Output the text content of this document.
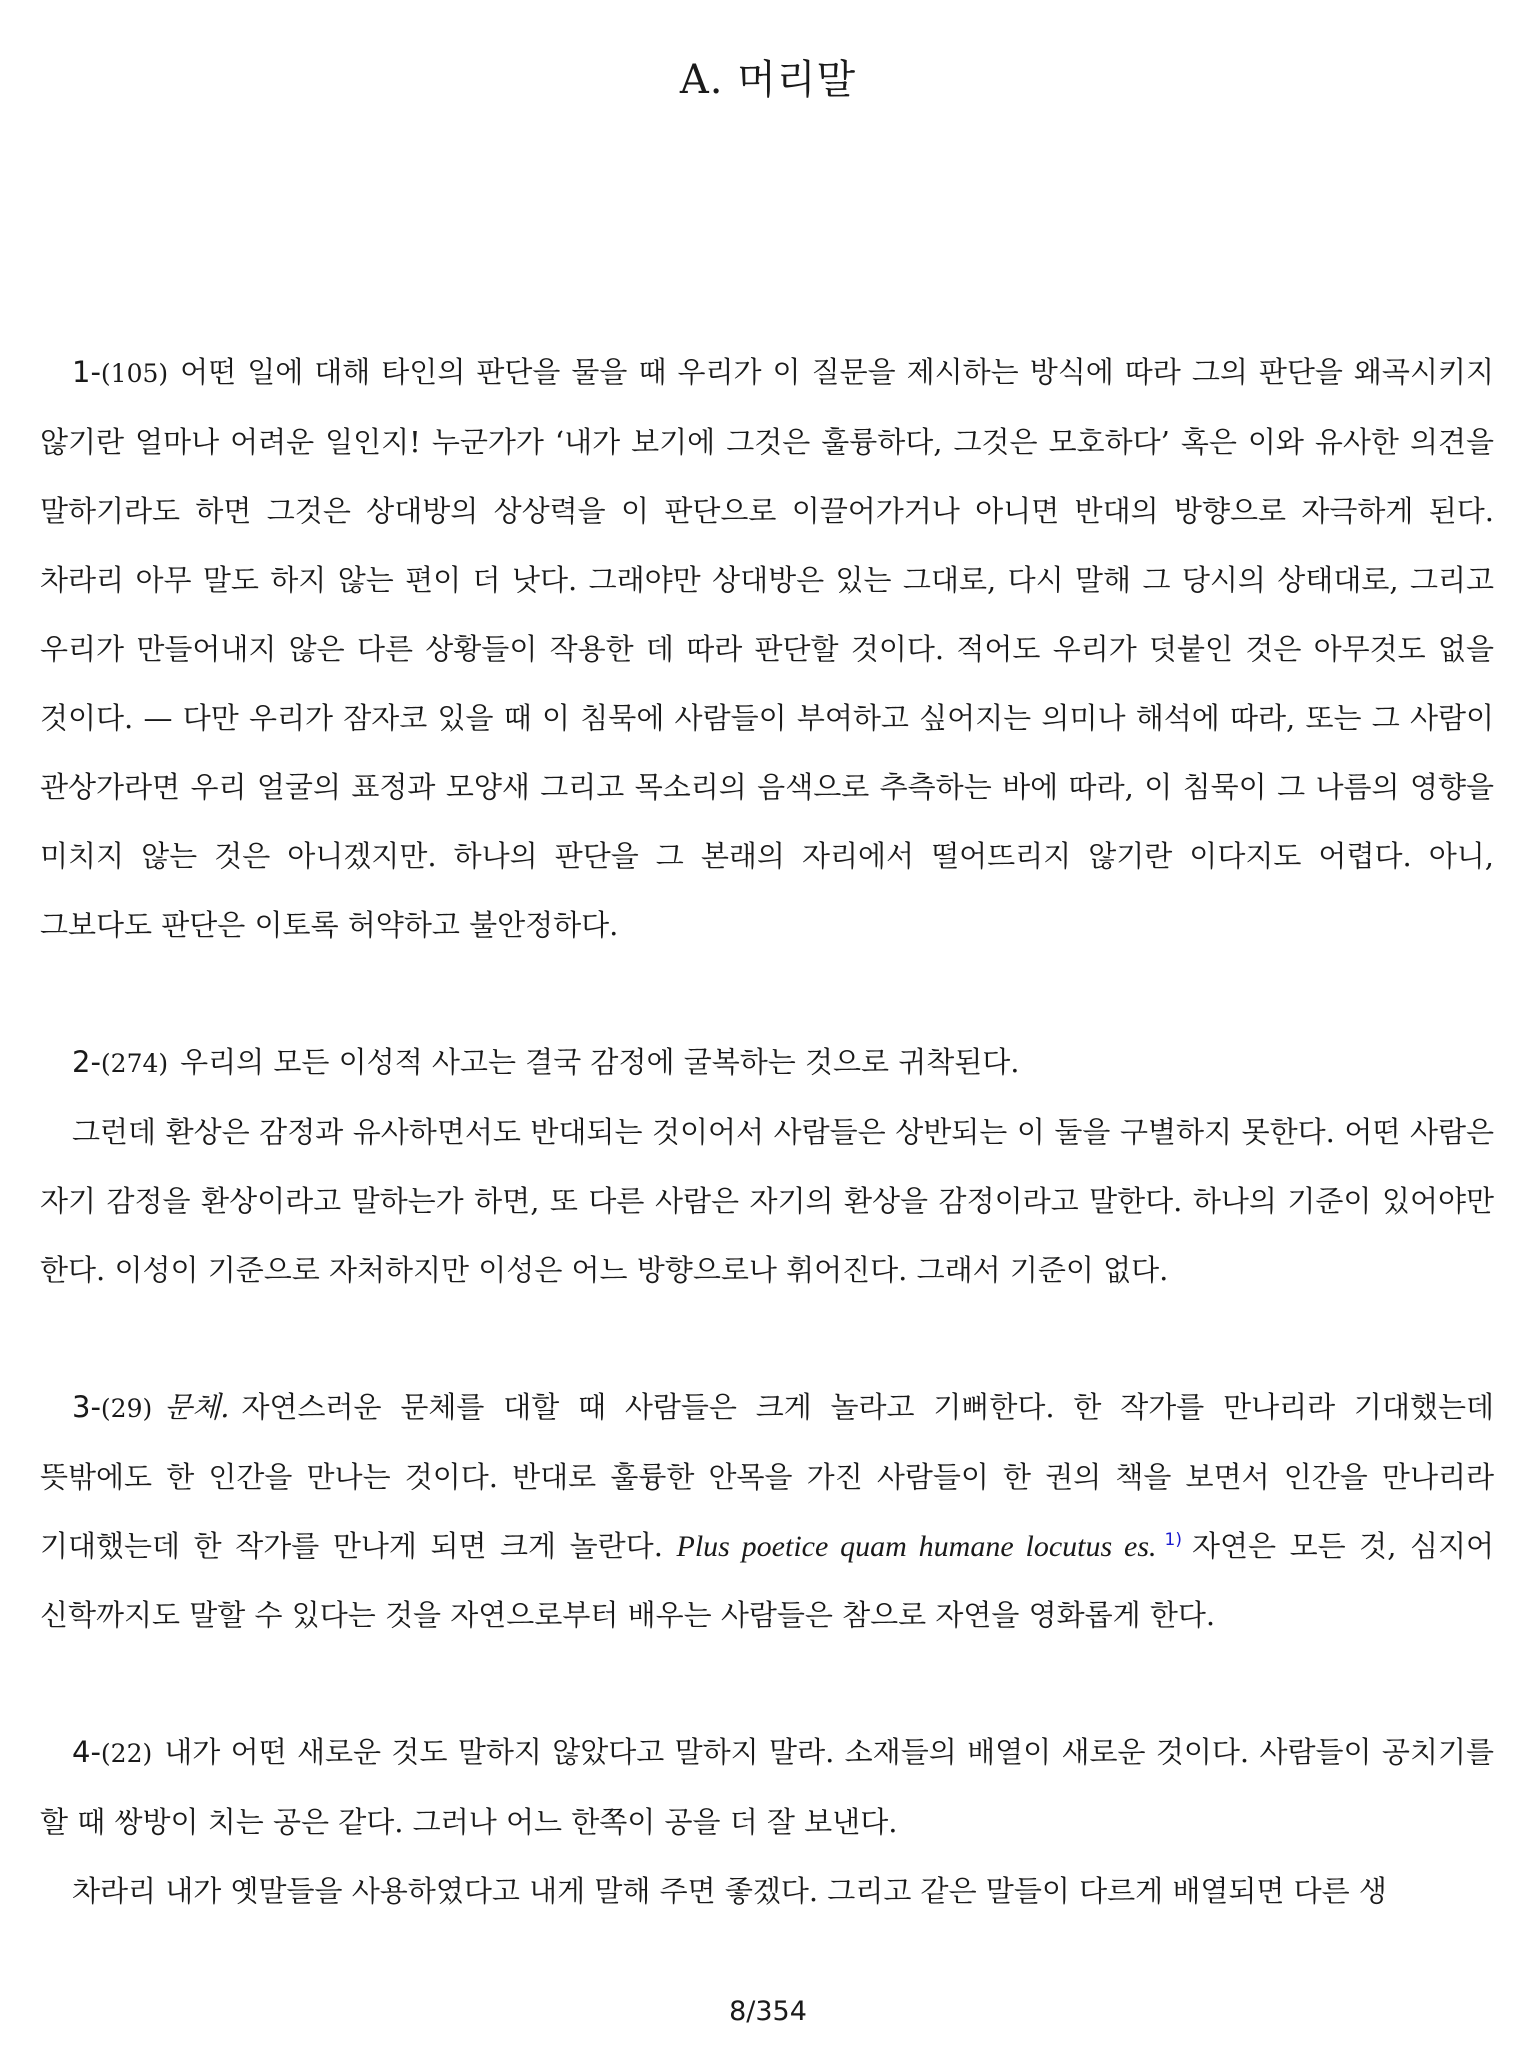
A. 머리말

1-(105) 어떤 일에 대해 타인의 판단을 물을 때 우리가 이 질문을 제시하는 방식에 따라 그의 판단을 왜곡시키지 않기란 얼마나 어려운 일인지! 누군가가 ‘내가 보기에 그것은 훌륭하다, 그것은 모호하다’ 혹은 이와 유사한 의견을 말하기라도 하면 그것은 상대방의 상상력을 이 판단으로 이끌어가거나 아니면 반대의 방향으로 자극하게 된다. 차라리 아무 말도 하지 않는 편이 더 낫다. 그래야만 상대방은 있는 그대로, 다시 말해 그 당시의 상태대로, 그리고 우리가 만들어내지 않은 다른 상황들이 작용한 데 따라 판단할 것이다. 적어도 우리가 덧붙인 것은 아무것도 없을 것이다. — 다만 우리가 잠자코 있을 때 이 침묵에 사람들이 부여하고 싶어지는 의미나 해석에 따라, 또는 그 사람이 관상가라면 우리 얼굴의 표정과 모양새 그리고 목소리의 음색으로 추측하는 바에 따라, 이 침묵이 그 나름의 영향을 미치지 않는 것은 아니겠지만. 하나의 판단을 그 본래의 자리에서 떨어뜨리지 않기란 이다지도 어렵다. 아니, 그보다도 판단은 이토록 허약하고 불안정하다.

2-(274) 우리의 모든 이성적 사고는 결국 감정에 굴복하는 것으로 귀착된다.

그런데 환상은 감정과 유사하면서도 반대되는 것이어서 사람들은 상반되는 이 둘을 구별하지 못한다. 어떤 사람은 자기 감정을 환상이라고 말하는가 하면, 또 다른 사람은 자기의 환상을 감정이라고 말한다. 하나의 기준이 있어야만 한다. 이성이 기준으로 자처하지만 이성은 어느 방향으로나 휘어진다. 그래서 기준이 없다.

3-(29) 문체. 자연스러운 문체를 대할 때 사람들은 크게 놀라고 기뻐한다. 한 작가를 만나리라 기대했는데 뜻밖에도 한 인간을 만나는 것이다. 반대로 훌륭한 안목을 가진 사람들이 한 권의 책을 보면서 인간을 만나리라 기대했는데 한 작가를 만나게 되면 크게 놀란다. Plus poetice quam humane locutus es. $^{1)}$ 자연은 모든 것, 심지어 신학까지도 말할 수 있다는 것을 자연으로부터 배우는 사람들은 참으로 자연을 영화롭게 한다.

4-(22) 내가 어떤 새로운 것도 말하지 않았다고 말하지 말라. 소재들의 배열이 새로운 것이다. 사람들이 공치기를 할 때 쌍방이 치는 공은 같다. 그러나 어느 한쪽이 공을 더 잘 보낸다.

차라리 내가 옛말들을 사용하였다고 내게 말해 주면 좋겠다. 그리고 같은 말들이 다르게 배열되면 다른 생

8/354
